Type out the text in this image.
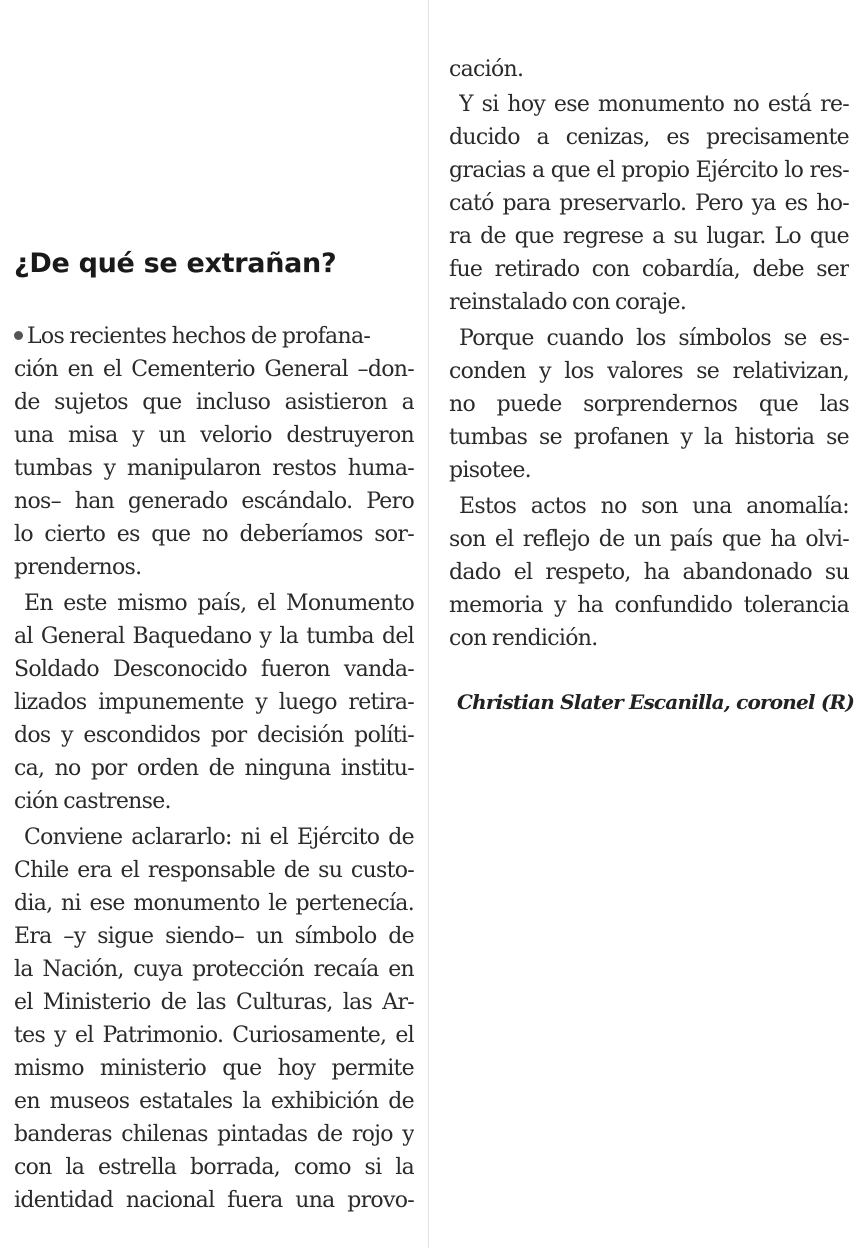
¿De qué se extrañan?
Los recientes hechos de profana-
ción en el Cementerio General –don-
de sujetos que incluso asistieron a
una misa y un velorio destruyeron
tumbas y manipularon restos huma-
nos– han generado escándalo. Pero
lo cierto es que no deberíamos sor-
prendernos.
En este mismo país, el Monumento
al General Baquedano y la tumba del
Soldado Desconocido fueron vanda-
lizados impunemente y luego retira-
dos y escondidos por decisión políti-
ca, no por orden de ninguna institu-
ción castrense.
Conviene aclararlo: ni el Ejército de
Chile era el responsable de su custo-
dia, ni ese monumento le pertenecía.
Era –y sigue siendo– un símbolo de
la Nación, cuya protección recaía en
el Ministerio de las Culturas, las Ar-
tes y el Patrimonio. Curiosamente, el
mismo ministerio que hoy permite
en museos estatales la exhibición de
banderas chilenas pintadas de rojo y
con la estrella borrada, como si la
identidad nacional fuera una provo-
cación.
Y si hoy ese monumento no está re-
ducido a cenizas, es precisamente
gracias a que el propio Ejército lo res-
cató para preservarlo. Pero ya es ho-
ra de que regrese a su lugar. Lo que
fue retirado con cobardía, debe ser
reinstalado con coraje.
Porque cuando los símbolos se es-
conden y los valores se relativizan,
no puede sorprendernos que las
tumbas se profanen y la historia se
pisotee.
Estos actos no son una anomalía:
son el reflejo de un país que ha olvi-
dado el respeto, ha abandonado su
memoria y ha confundido tolerancia
con rendición.
Christian Slater Escanilla, coronel (R)
